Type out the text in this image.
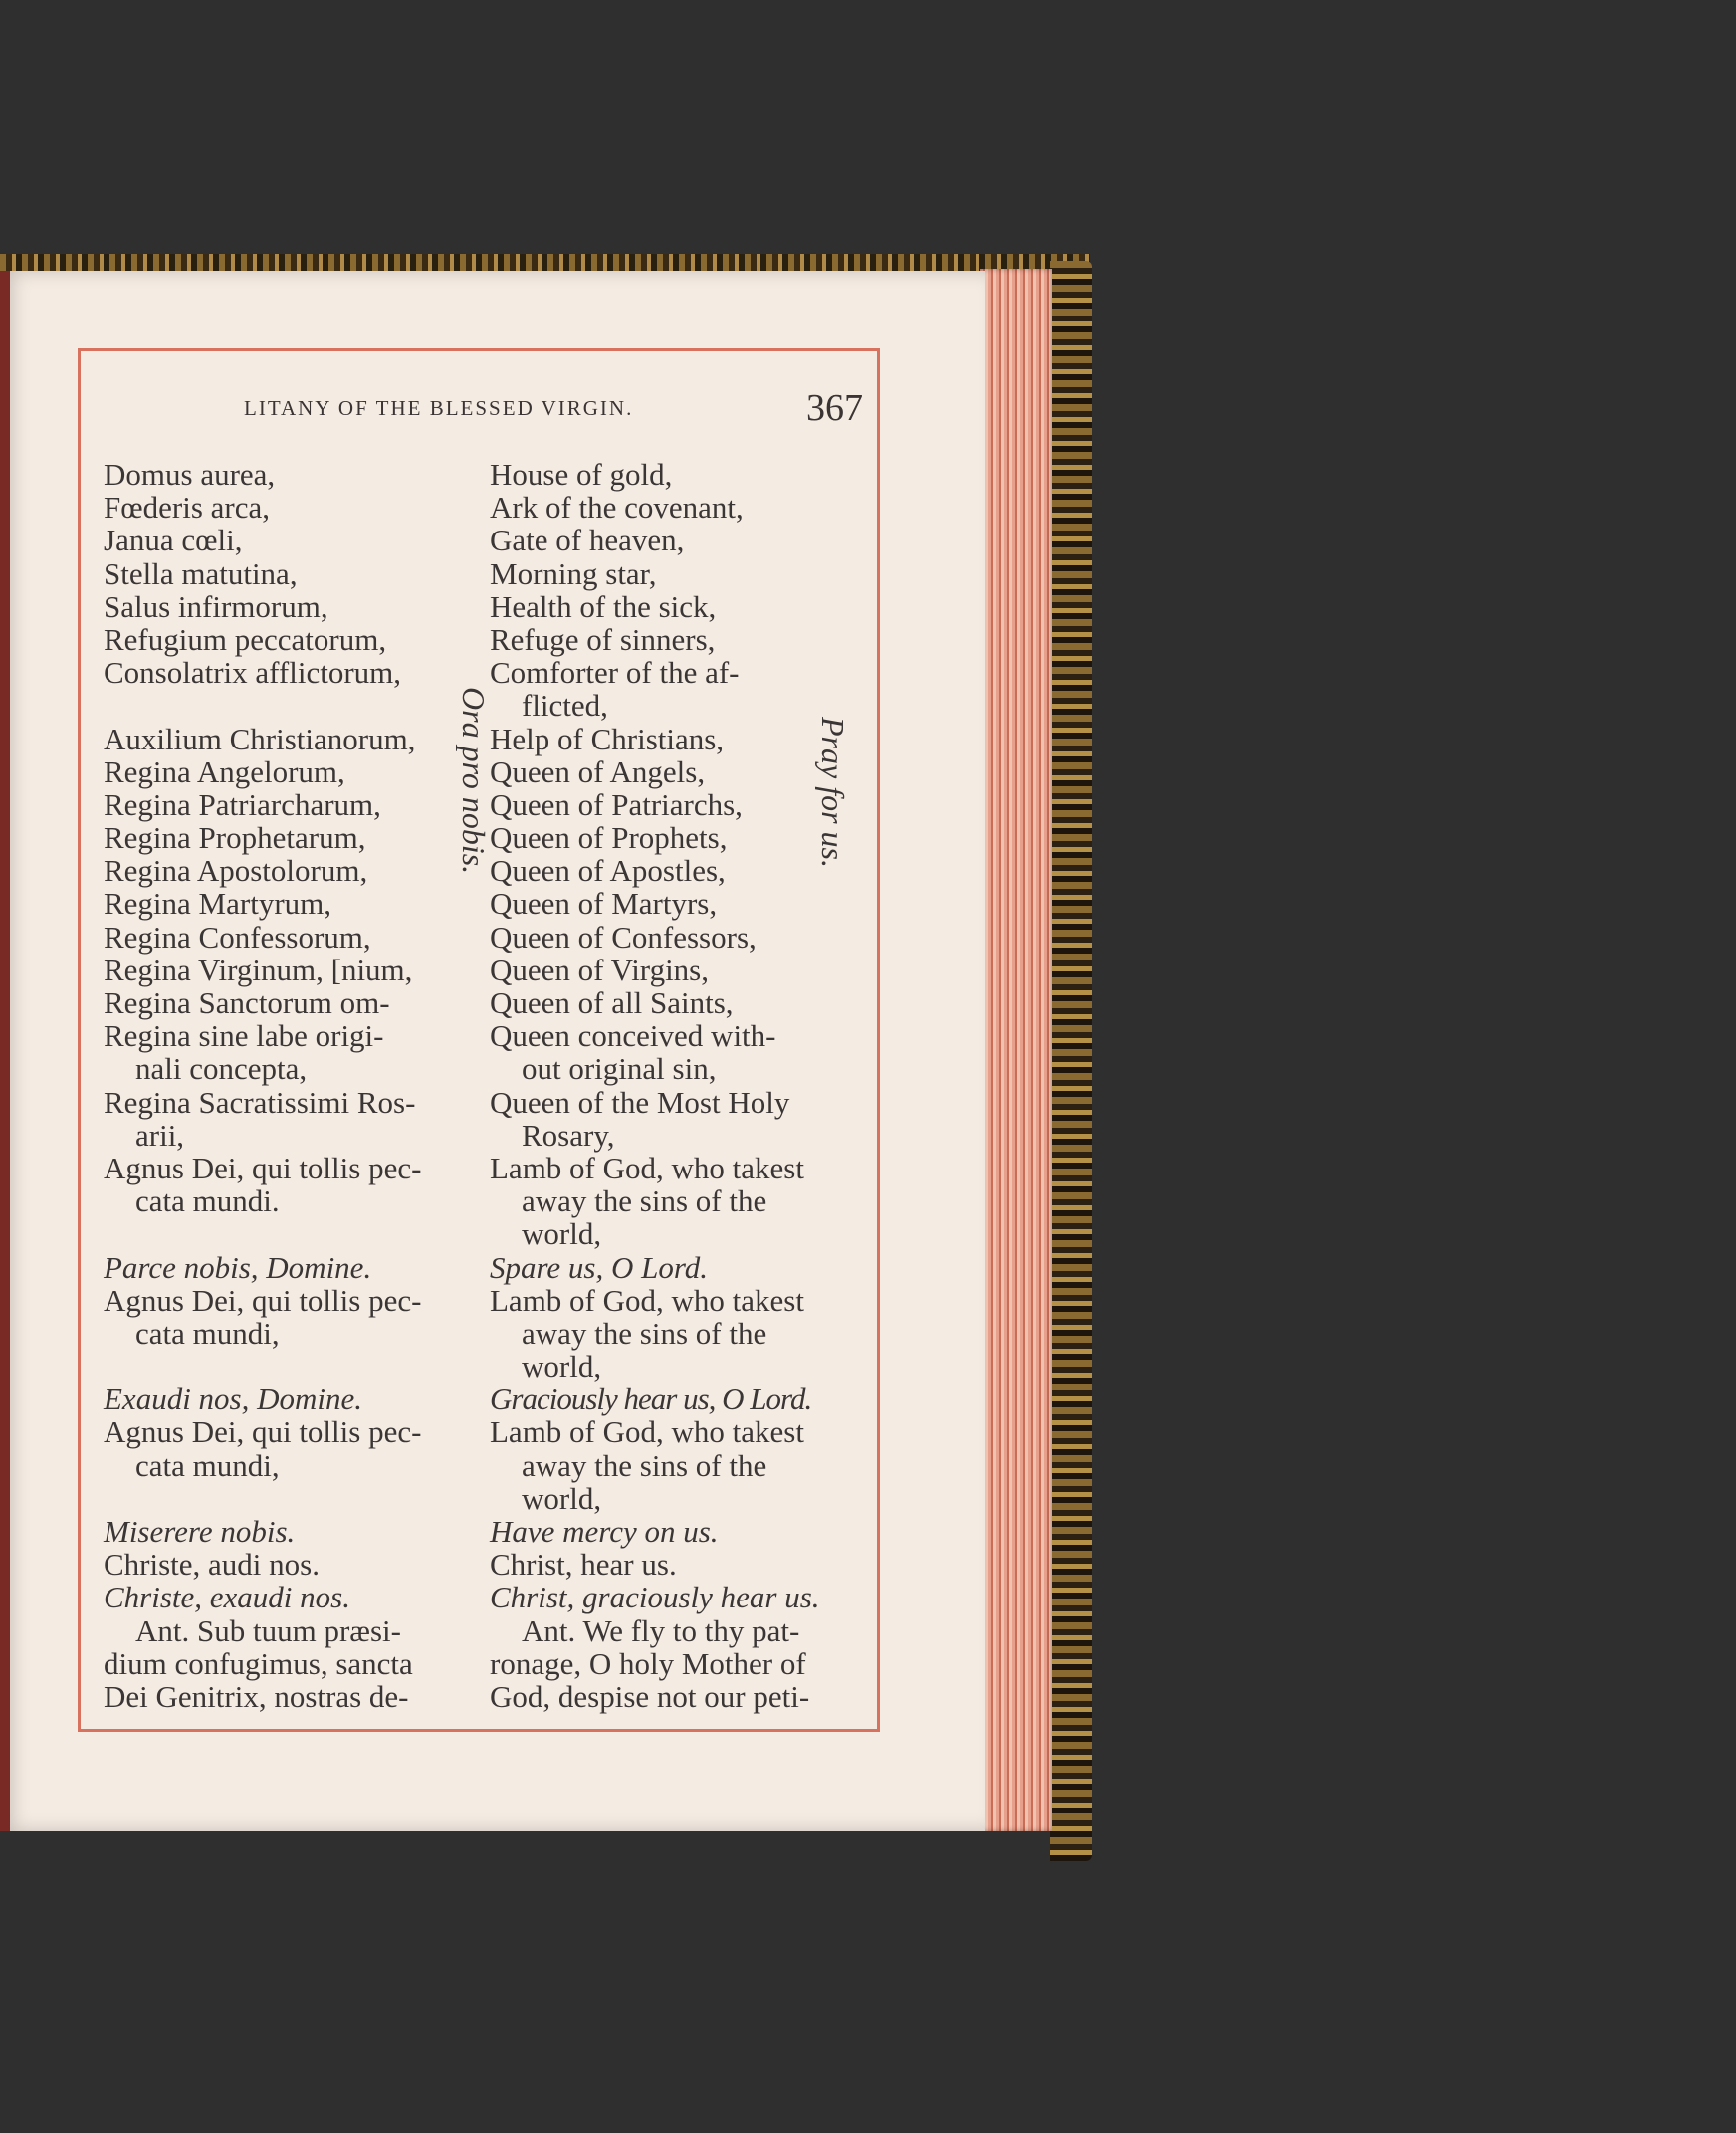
LITANY OF THE BLESSED VIRGIN.	367
Domus aurea,
Fœderis arca,
Janua cœli,
Stella matutina,
Salus infirmorum,
Refugium peccatorum,
Consolatrix afflictorum,
Auxilium Christianorum,
Regina Angelorum,
Regina Patriarcharum,
Regina Prophetarum,
Regina Apostolorum,
Regina Martyrum,
Regina Confessorum,
Regina Virginum, [nium,
Regina Sanctorum om-
Regina sine labe origi-
nali concepta,
Regina Sacratissimi Ros-
arii,
Agnus Dei, qui tollis pec-
cata mundi.
Parce nobis, Domine.
Agnus Dei, qui tollis pec-
cata mundi,
Exaudi nos, Domine.
Agnus Dei, qui tollis pec-
cata mundi,
Miserere nobis.
Christe, audi nos.
Christe, exaudi nos.
Ant. Sub tuum præsi-
dium confugimus, sancta
Dei Genitrix, nostras de-
House of gold,
Ark of the covenant,
Gate of heaven,
Morning star,
Health of the sick,
Refuge of sinners,
Comforter of the af-
flicted,
Help of Christians,
Queen of Angels,
Queen of Patriarchs,
Queen of Prophets,
Queen of Apostles,
Queen of Martyrs,
Queen of Confessors,
Queen of Virgins,
Queen of all Saints,
Queen conceived with-
out original sin,
Queen of the Most Holy
Rosary,
Lamb of God, who takest
away the sins of the
world,
Spare us, O Lord.
Lamb of God, who takest
away the sins of the
world,
Graciously hear us, O Lord.
Lamb of God, who takest
away the sins of the
world,
Have mercy on us.
Christ, hear us.
Christ, graciously hear us.
Ant. We fly to thy pat-
ronage, O holy Mother of
God, despise not our peti-
Ora pro nobis.	Pray for us.
